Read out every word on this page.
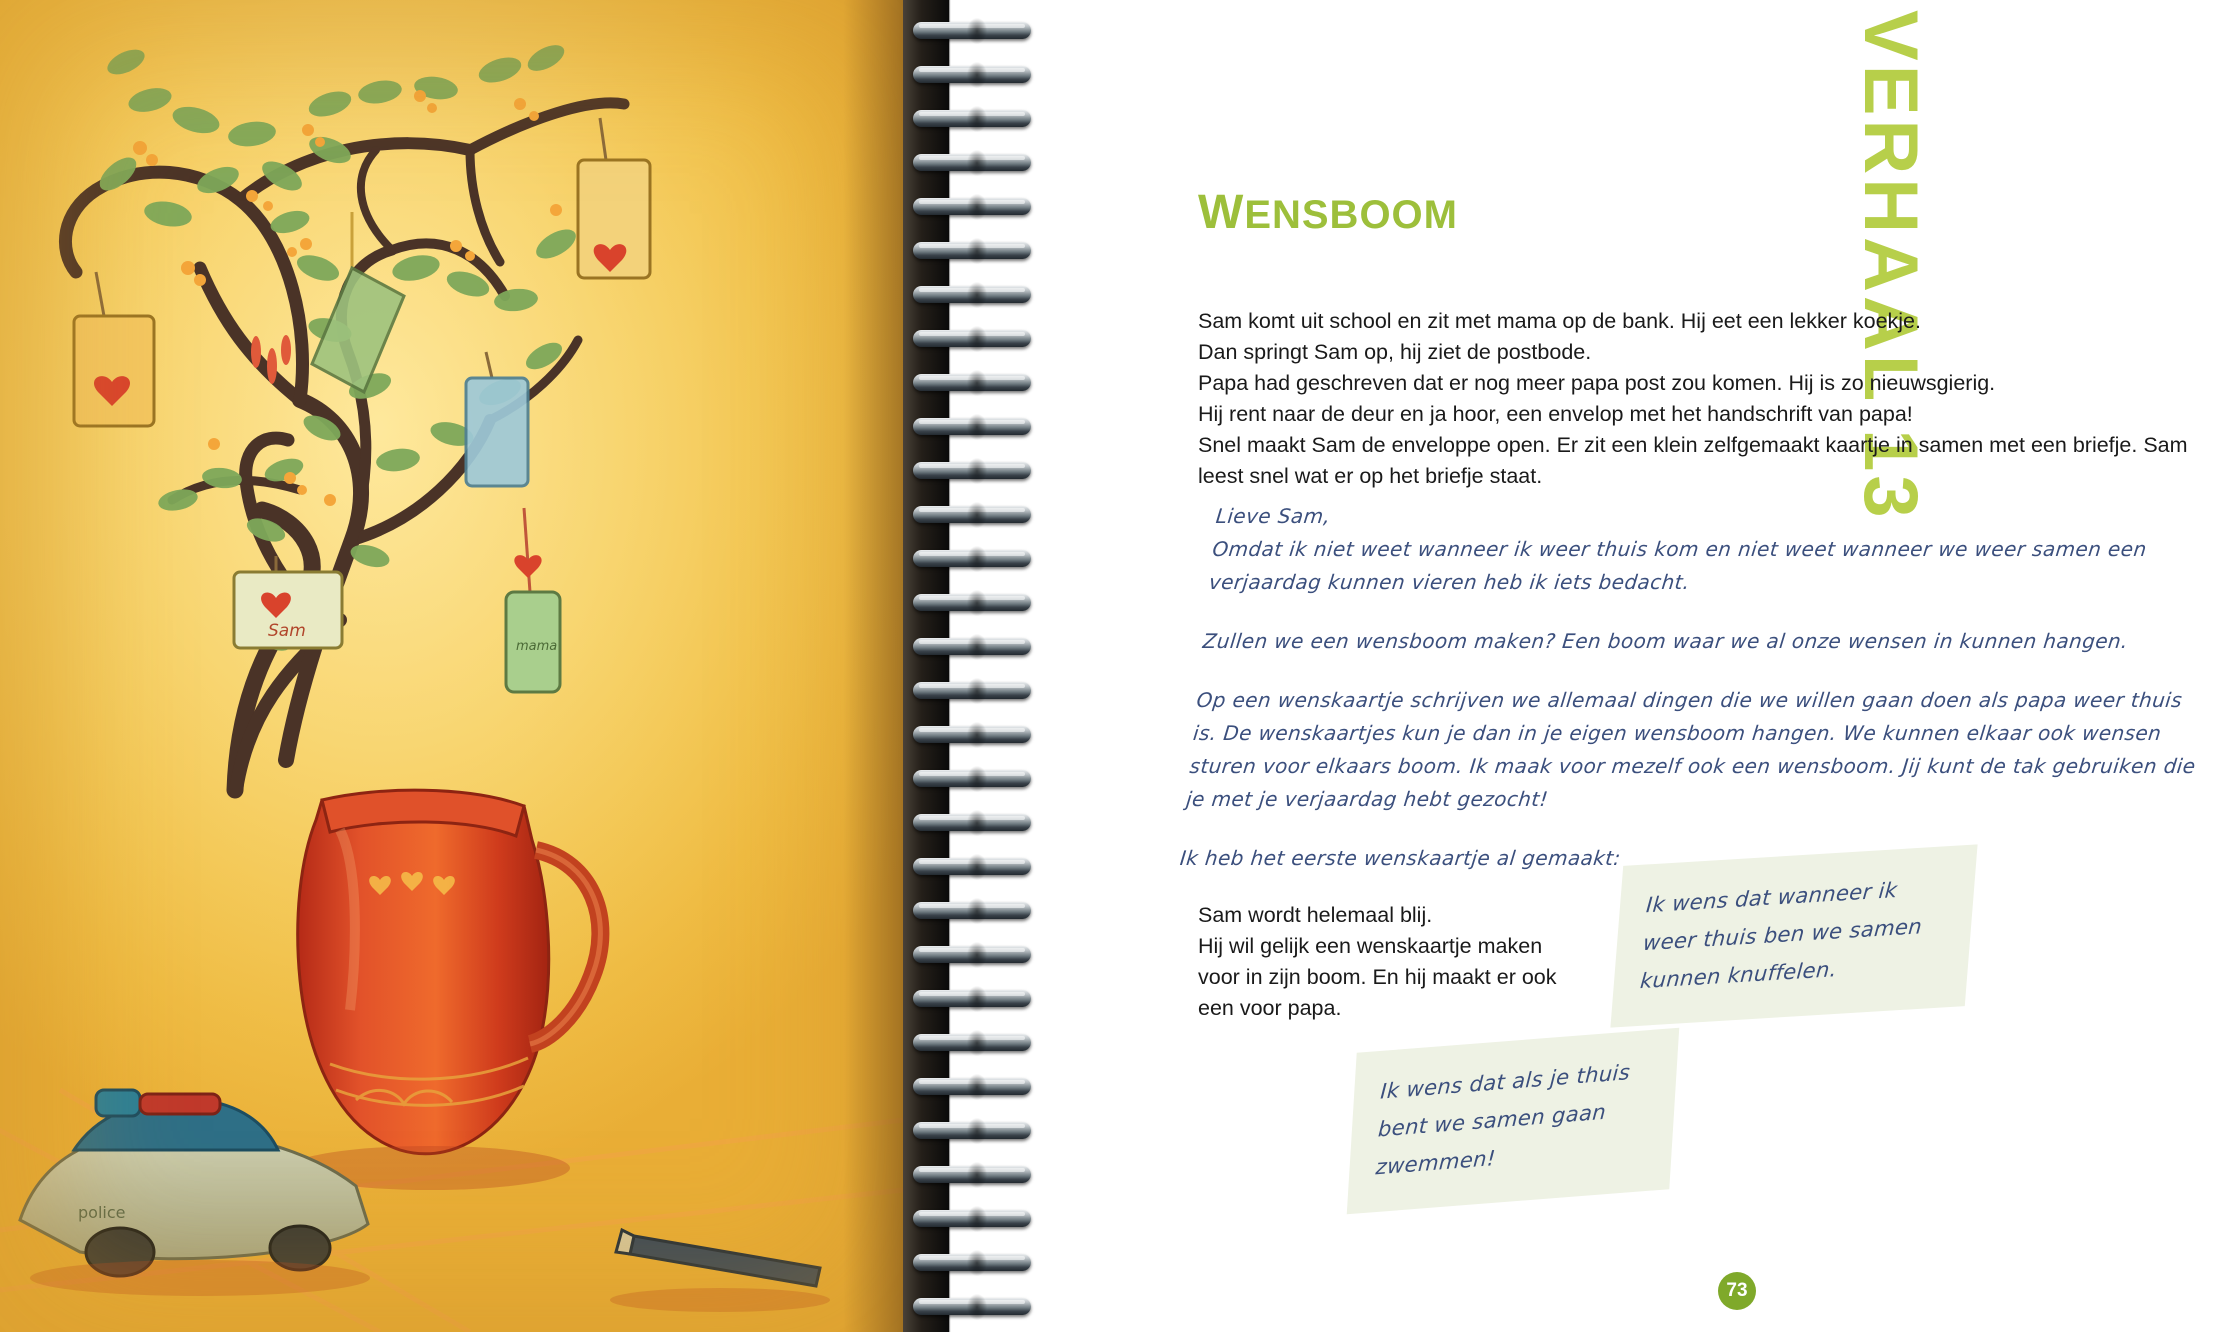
Sam
mama
police
VERHAAL 13
WENSBOOM

Sam komt uit school en zit met mama op de bank. Hij eet een lekker koekje.
Dan springt Sam op, hij ziet de postbode.
Papa had geschreven dat er nog meer papa post zou komen. Hij is zo nieuwsgierig.
Hij rent naar de deur en ja hoor, een envelop met het handschrift van papa!
Snel maakt Sam de enveloppe open. Er zit een klein zelfgemaakt kaartje in samen met een briefje. Sam leest snel wat er op het briefje staat.

Lieve Sam,
Omdat ik niet weet wanneer ik weer thuis kom en niet weet wanneer we weer samen een verjaardag kunnen vieren heb ik iets bedacht.

Zullen we een wensboom maken? Een boom waar we al onze wensen in kunnen hangen.

Op een wenskaartje schrijven we allemaal dingen die we willen gaan doen als papa weer thuis is. De wenskaartjes kun je dan in je eigen wensboom hangen. We kunnen elkaar ook wensen sturen voor elkaars boom. Ik maak voor mezelf ook een wensboom. Jij kunt de tak gebruiken die je met je verjaardag hebt gezocht!

Ik heb het eerste wenskaartje al gemaakt:

Sam wordt helemaal blij.
Hij wil gelijk een wenskaartje maken voor in zijn boom. En hij maakt er ook een voor papa.

Ik wens dat wanneer ik weer thuis ben we samen kunnen knuffelen.
Ik wens dat als je thuis bent we samen gaan zwemmen!
73
